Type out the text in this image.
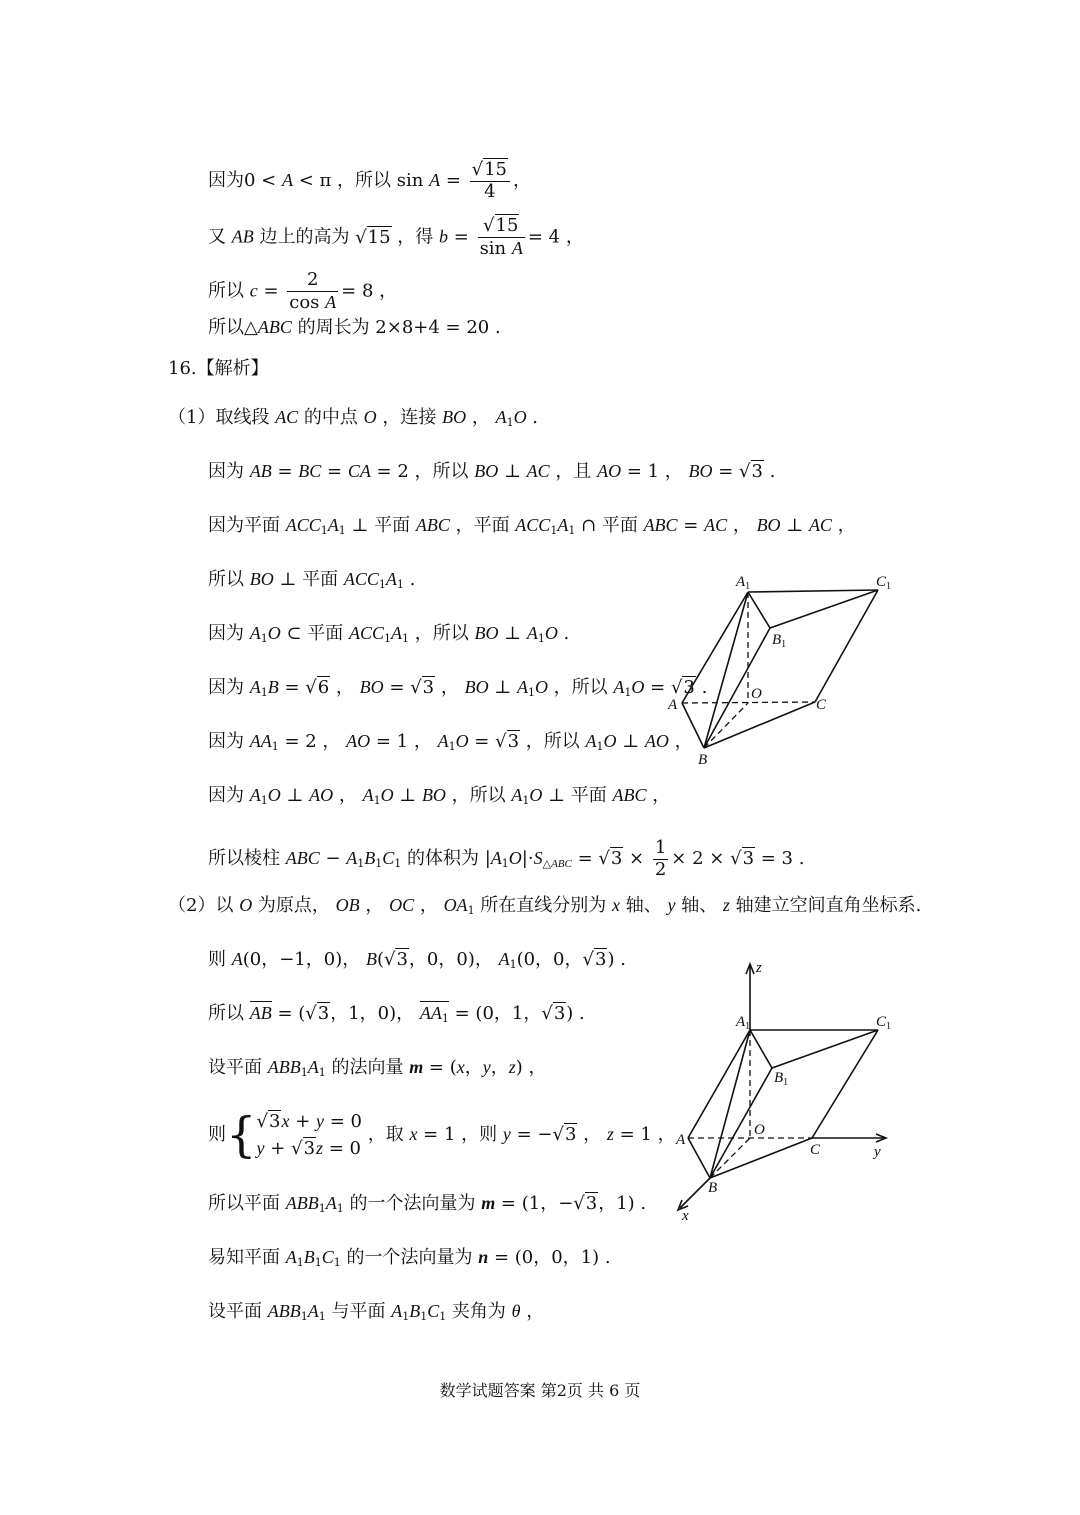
因为0 < A < π ，所以 $\sin A = \frac{√15}{4}$ ，
又 AB 边上的高为 √15 ，得 $b = \frac{√15}{\text{sin A}} = 4$ ，
所以 $c = \frac{2}{\text{cos A}} = 8$ ，
所以△ABC 的周长为 2×8+4 = 20 .
16.【解析】
（1）取线段 AC 的中点 O ，连接 BO ， $A_1O$ .
因为 AB = BC = CA = 2 ，所以 BO ⊥ AC ，且 AO = 1 ， BO = √3 .
因为平面 $ACC_1A_1$ ⊥ 平面 ABC ，平面 $ACC_1A_1$ ∩ 平面 ABC = AC ， BO ⊥ AC ，
所以 BO ⊥ 平面 $ACC_1A_1$ .
因为 $A_1O$ ⊂ 平面 $ACC_1A_1$ ，所以 BO ⊥ $A_1O$ .
因为 $A_1B = √6$ ， BO = √3 ， BO ⊥ $A_1O$ ，所以 $A_1O = √3$ .
因为 $AA_1 = 2$ ， AO = 1 ， $A_1O = √3$ ，所以 $A_1O$ ⊥ AO ，
因为 $A_1O$ ⊥ AO ， $A_1O$ ⊥ BO ，所以 $A_1O$ ⊥ 平面 ABC ，
所以棱柱 ABC − $A_1B_1C_1$ 的体积为 $|A_1O|\cdot S_{\triangle ABC} = √3 \times \frac{1}{2} \times 2 \times √3 = 3$ .
（2）以 O 为原点， OB ， OC ， $OA_1$ 所在直线分别为 x 轴、 y 轴、 z 轴建立空间直角坐标系.
则 A(0，−1，0)， B(√3，0，0)， $A_1(0$，0，√3) .
所以 AB = (√3，1，0)， $AA_1 = (0$，1，√3) .
设平面 $ABB_1A_1$ 的法向量 m = (x，y，z) ，
则{ √3x + y = 0
y + √3z = 0
，取 x = 1 ，则 y = −√3 ， z = 1 ，
所以平面 $ABB_1A_1$ 的一个法向量为 m = (1，−√3，1) .
易知平面 $A_1B_1C_1$ 的一个法向量为 n = (0，0，1) .
设平面 $ABB_1A_1$ 与平面 $A_1B_1C_1$ 夹角为 θ ，
$A_1$	$C_1$
$B_1$
O
A	C
B
z
$A_1$	$C_1$
$B_1$
O
A
C	y
B
x
数学试题答案 第2页 共 6 页
